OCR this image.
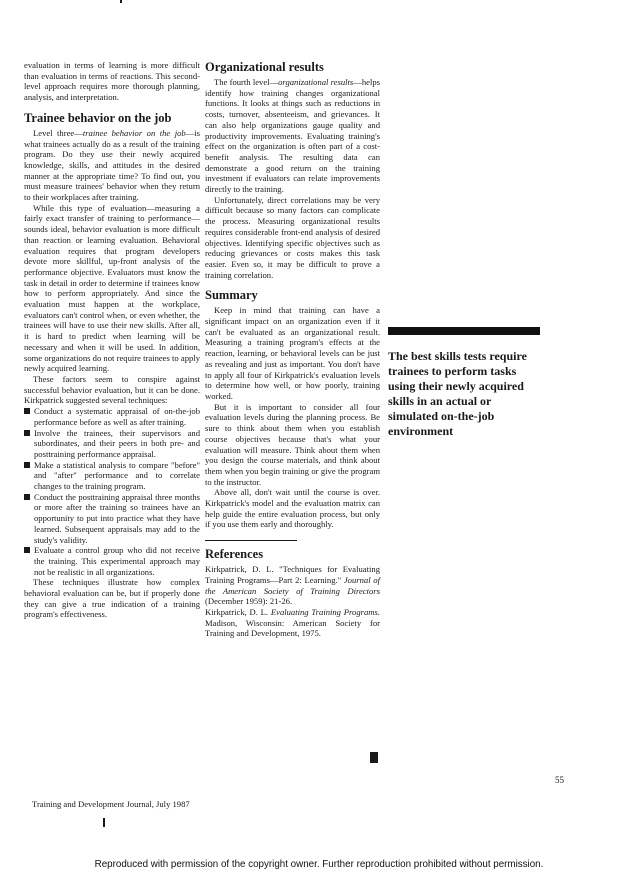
evaluation in terms of learning is more difficult than evaluation in terms of reactions. This second-level approach requires more thorough planning, analysis, and interpretation.

Trainee behavior on the job

Level three—trainee behavior on the job—is what trainees actually do as a result of the training program. Do they use their newly acquired knowledge, skills, and attitudes in the desired manner at the appropriate time? To find out, you must measure trainees' behavior when they return to their workplaces after training.

While this type of evaluation—measuring a fairly exact transfer of training to performance—sounds ideal, behavior evaluation is more difficult than reaction or learning evaluation. Behavioral evaluation requires that program developers devote more skillful, up-front analysis of the performance objective. Evaluators must know the task in detail in order to determine if trainees know how to perform appropriately. And since the evaluation must happen at the workplace, evaluators can't control when, or even whether, the trainees will have to use their new skills. After all, it is hard to predict when learning will be necessary and when it will be used. In addition, some organizations do not require trainees to apply newly acquired learning.

These factors seem to conspire against successful behavior evaluation, but it can be done. Kirkpatrick suggested several techniques:

Conduct a systematic appraisal of on-the-job performance before as well as after training.
Involve the trainees, their supervisors and subordinates, and their peers in both pre- and posttraining performance appraisal.
Make a statistical analysis to compare "before" and "after" performance and to correlate changes to the training program.
Conduct the posttraining appraisal three months or more after the training so trainees have an opportunity to put into practice what they have learned. Subsequent appraisals may add to the study's validity.
Evaluate a control group who did not receive the training. This experimental approach may not be realistic in all organizations.

These techniques illustrate how complex behavioral evaluation can be, but if properly done they can give a true indication of a training program's effectiveness.

Organizational results

The fourth level—organizational results—helps identify how training changes organizational functions. It looks at things such as reductions in costs, turnover, absenteeism, and grievances. It can also help organizations gauge quality and productivity improvements. Evaluating training's effect on the organization is often part of a cost-benefit analysis. The resulting data can demonstrate a good return on the training investment if evaluators can relate improvements directly to the training.

Unfortunately, direct correlations may be very difficult because so many factors can complicate the process. Measuring organizational results requires considerable front-end analysis of desired objectives. Identifying specific objectives such as reducing grievances or costs makes this task easier. Even so, it may be difficult to prove a training correlation.

Summary

Keep in mind that training can have a significant impact on an organization even if it can't be evaluated as an organizational result. Measuring a training program's effects at the reaction, learning, or behavioral levels can be just as revealing and just as important. You don't have to apply all four of Kirkpatrick's evaluation levels to determine how well, or how poorly, training worked.

But it is important to consider all four evaluation levels during the planning process. Be sure to think about them when you establish course objectives because that's what your evaluation will measure. Think about them when you design the course materials, and think about them when you begin training or give the program to the instructor.

Above all, don't wait until the course is over. Kirkpatrick's model and the evaluation matrix can help guide the entire evaluation process, but only if you use them early and thoroughly.

References

Kirkpatrick, D. L. "Techniques for Evaluating Training Programs—Part 2: Learning." Journal of the American Society of Training Directors (December 1959): 21-26.

Kirkpatrick, D. L. Evaluating Training Programs. Madison, Wisconsin: American Society for Training and Development, 1975.

The best skills tests require trainees to perform tasks using their newly acquired skills in an actual or simulated on-the-job environment
55
Training and Development Journal, July 1987
Reproduced with permission of the copyright owner. Further reproduction prohibited without permission.
